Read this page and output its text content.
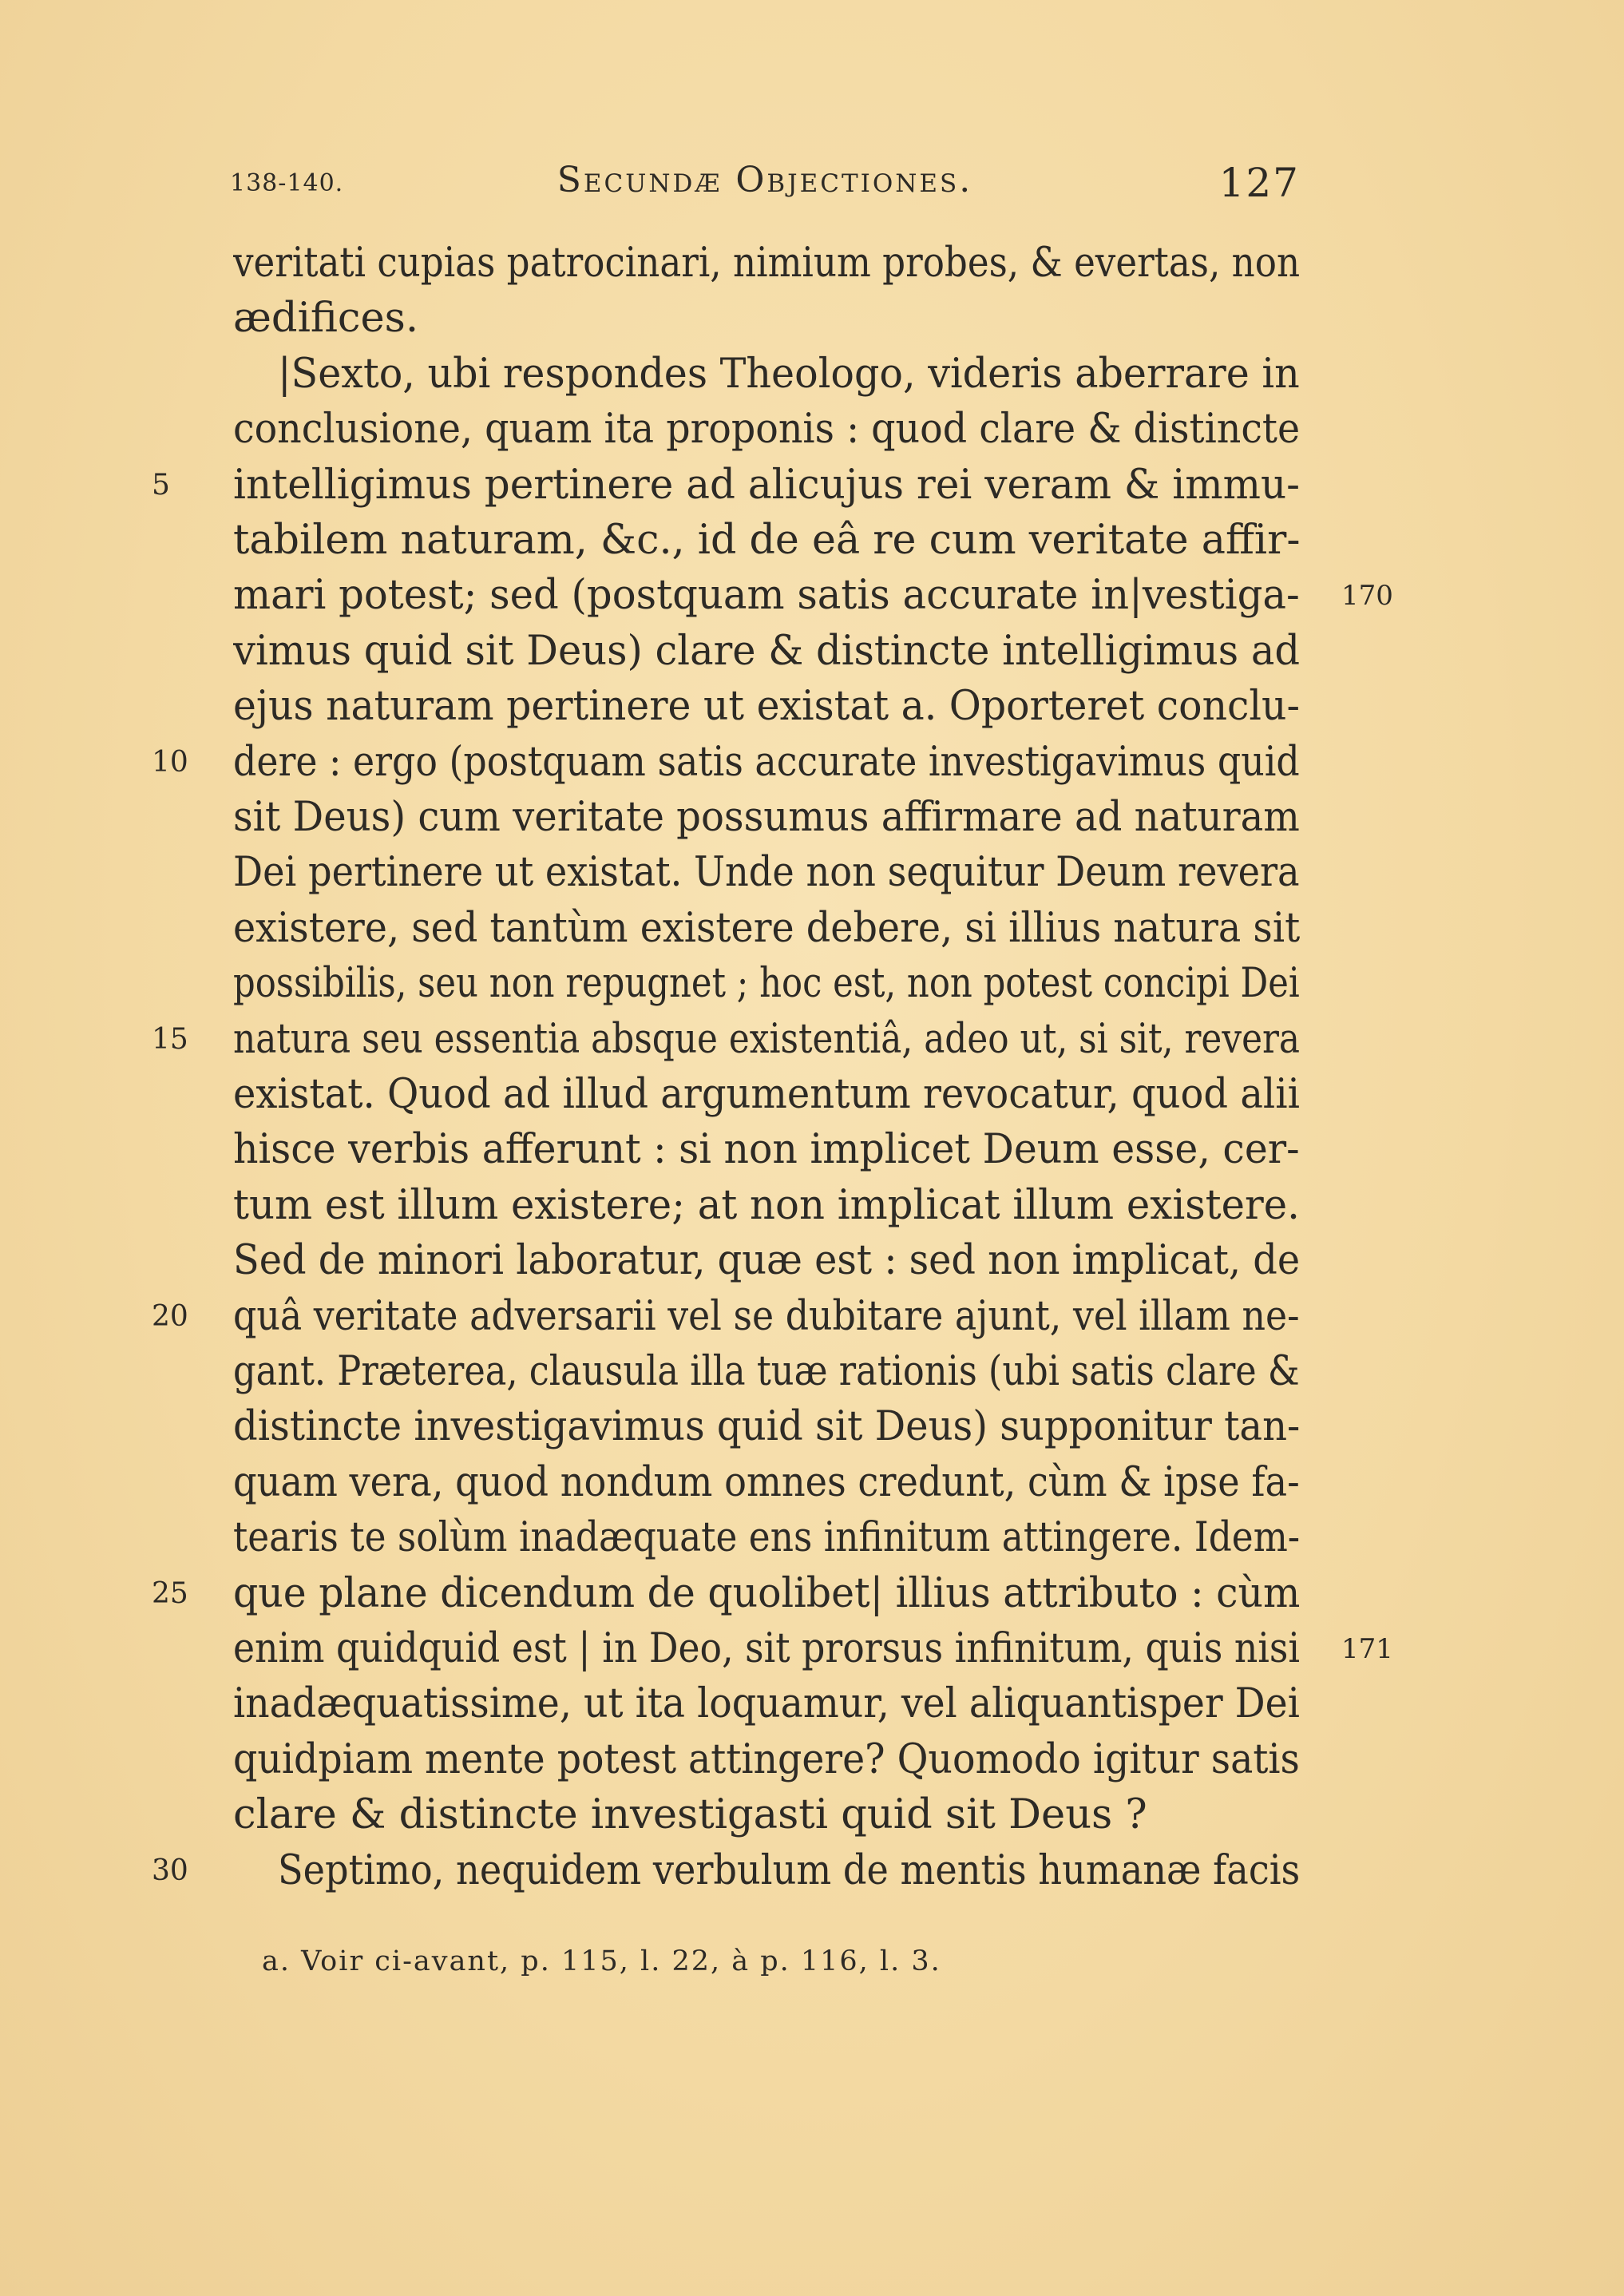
138-140.	Secundæ Objectiones.	127
veritati cupias patrocinari, nimium probes, & evertas, non
ædifices.
|Sexto, ubi respondes Theologo, videris aberrare in
conclusione, quam ita proponis : quod clare & distincte
intelligimus pertinere ad alicujus rei veram & immu-
tabilem naturam, &c., id de eâ re cum veritate affir-
mari potest; sed (postquam satis accurate in|vestiga-
vimus quid sit Deus) clare & distincte intelligimus ad
ejus naturam pertinere ut existat a. Oporteret conclu-
dere : ergo (postquam satis accurate investigavimus quid
sit Deus) cum veritate possumus affirmare ad naturam
Dei pertinere ut existat. Unde non sequitur Deum revera
existere, sed tantùm existere debere, si illius natura sit
possibilis, seu non repugnet ; hoc est, non potest concipi Dei
natura seu essentia absque existentiâ, adeo ut, si sit, revera
existat. Quod ad illud argumentum revocatur, quod alii
hisce verbis afferunt : si non implicet Deum esse, cer-
tum est illum existere; at non implicat illum existere.
Sed de minori laboratur, quæ est : sed non implicat, de
quâ veritate adversarii vel se dubitare ajunt, vel illam ne-
gant. Præterea, clausula illa tuæ rationis (ubi satis clare &
distincte investigavimus quid sit Deus) supponitur tan-
quam vera, quod nondum omnes credunt, cùm & ipse fa-
tearis te solùm inadæquate ens infinitum attingere. Idem-
que plane dicendum de quolibet| illius attributo : cùm
enim quidquid est | in Deo, sit prorsus infinitum, quis nisi
inadæquatissime, ut ita loquamur, vel aliquantisper Dei
quidpiam mente potest attingere? Quomodo igitur satis
clare & distincte investigasti quid sit Deus ?
Septimo, nequidem verbulum de mentis humanæ facis
5
10
15
20
25
30
170
171
a. Voir ci-avant, p. 115, l. 22, à p. 116, l. 3.
